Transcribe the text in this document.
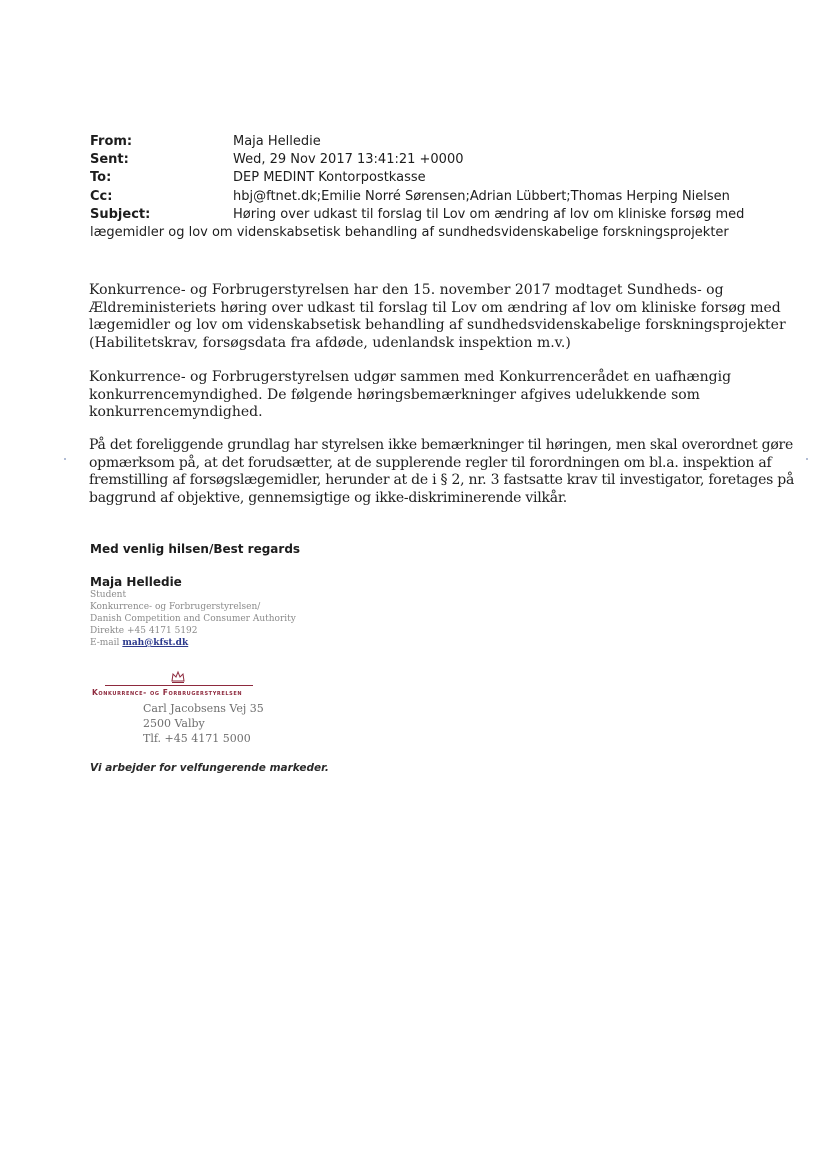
From:	Maja Helledie
Sent:	Wed, 29 Nov 2017 13:41:21 +0000
To:	DEP MEDINT Kontorpostkasse
Cc:	hbj@ftnet.dk;Emilie Norré Sørensen;Adrian Lübbert;Thomas Herping Nielsen
Subject:	Høring over udkast til forslag til Lov om ændring af lov om kliniske forsøg med
lægemidler og lov om videnskabsetisk behandling af sundhedsvidenskabelige forskningsprojekter
Konkurrence- og Forbrugerstyrelsen har den 15. november 2017 modtaget Sundheds- og
Ældreministeriets høring over udkast til forslag til Lov om ændring af lov om kliniske forsøg med
lægemidler og lov om videnskabsetisk behandling af sundhedsvidenskabelige forskningsprojekter
(Habilitetskrav, forsøgsdata fra afdøde, udenlandsk inspektion m.v.)
Konkurrence- og Forbrugerstyrelsen udgør sammen med Konkurrencerådet en uafhængig
konkurrencemyndighed. De følgende høringsbemærkninger afgives udelukkende som
konkurrencemyndighed.
På det foreliggende grundlag har styrelsen ikke bemærkninger til høringen, men skal overordnet gøre
opmærksom på, at det forudsætter, at de supplerende regler til forordningen om bl.a. inspektion af
fremstilling af forsøgslægemidler, herunder at de i § 2, nr. 3 fastsatte krav til investigator, foretages på
baggrund af objektive, gennemsigtige og ikke-diskriminerende vilkår.
Med venlig hilsen/Best regards
Maja Helledie
Student
Konkurrence- og Forbrugerstyrelsen/
Danish Competition and Consumer Authority
Direkte +45 4171 5192
E-mail mah@kfst.dk
Konkurrence- og Forbrugerstyrelsen
Carl Jacobsens Vej 35
2500 Valby
Tlf. +45 4171 5000
Vi arbejder for velfungerende markeder.
